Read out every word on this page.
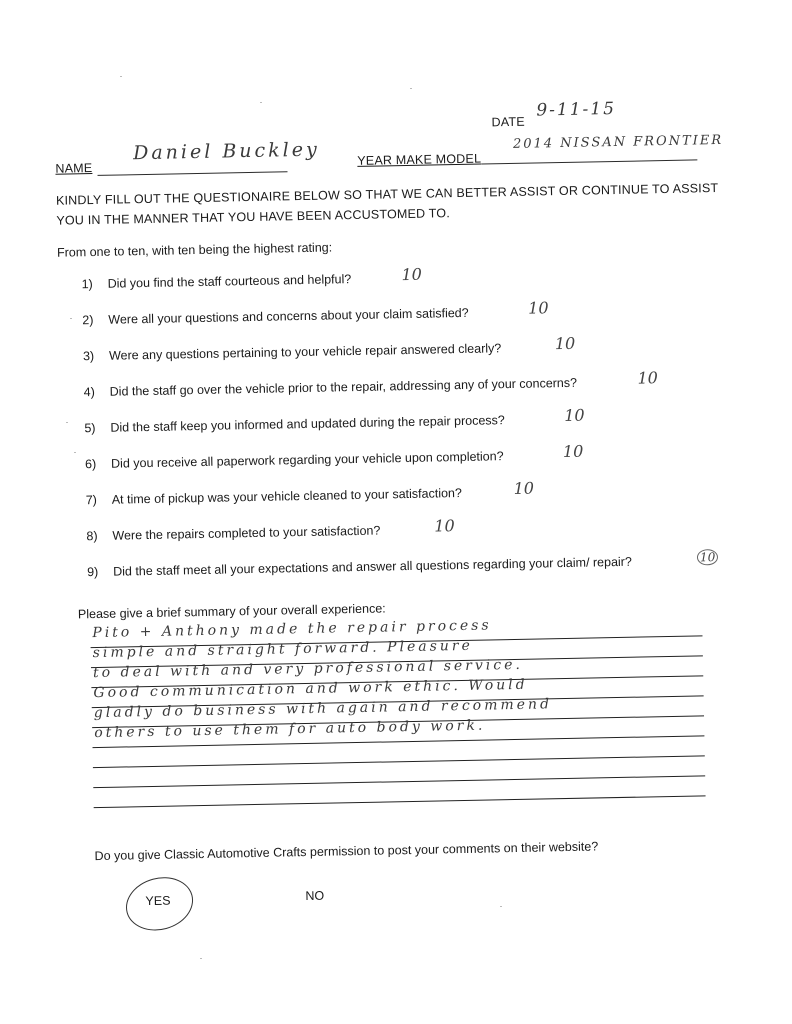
DATE
9-11-15
NAME
Daniel Buckley	YEAR MAKE MODEL
2014 NISSAN FRONTIER
KINDLY FILL OUT THE QUESTIONAIRE BELOW SO THAT WE CAN BETTER ASSIST OR CONTINUE TO ASSIST
YOU IN THE MANNER THAT YOU HAVE BEEN ACCUSTOMED TO.
From one to ten, with ten being the highest rating:
1) Did you find the staff courteous and helpful?	10
2) Were all your questions and concerns about your claim satisfied?	10
3) Were any questions pertaining to your vehicle repair answered clearly?	10
4) Did the staff go over the vehicle prior to the repair, addressing any of your concerns?	10
5) Did the staff keep you informed and updated during the repair process?	10
6) Did you receive all paperwork regarding your vehicle upon completion?	10
7) At time of pickup was your vehicle cleaned to your satisfaction?	10
8) Were the repairs completed to your satisfaction?	10
9) Did the staff meet all your expectations and answer all questions regarding your claim/ repair?	10
Please give a brief summary of your overall experience:
Pito + Anthony made the repair process
simple and straight forward. Pleasure
to deal with and very professional service.
Good communication and work ethic. Would
gladly do business with again and recommend
others to use them for auto body work.
Do you give Classic Automotive Crafts permission to post your comments on their website?
YES	NO
